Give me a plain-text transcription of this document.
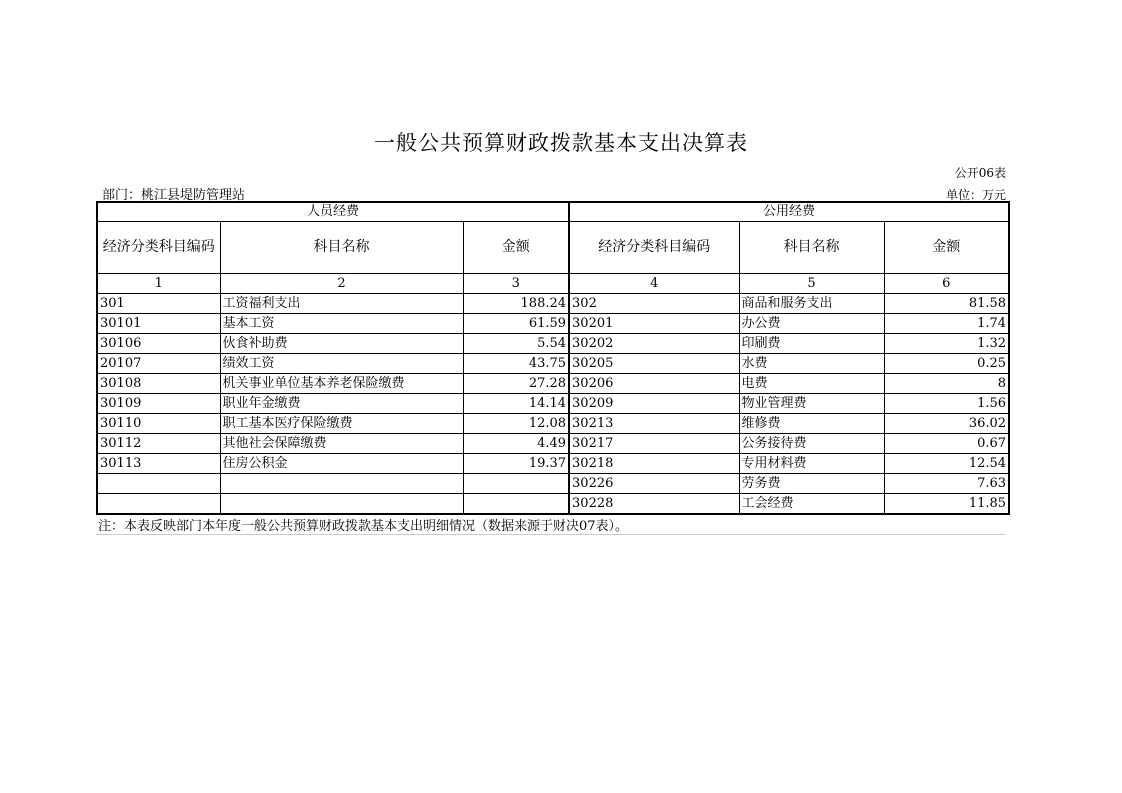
一般公共预算财政拨款基本支出决算表
公开06表
部门：桃江县堤防管理站	单位：万元
人员经费			公用经费		
经济分类科目编码	科目名称	金额	经济分类科目编码	科目名称	金额
1	2	3	4	5	6
301	工资福利支出	188.24	302	商品和服务支出	81.58
30101	基本工资	61.59	30201	办公费	1.74
30106	伙食补助费	5.54	30202	印刷费	1.32
20107	绩效工资	43.75	30205	水费	0.25
30108	机关事业单位基本养老保险缴费	27.28	30206	电费	8
30109	职业年金缴费	14.14	30209	物业管理费	1.56
30110	职工基本医疗保险缴费	12.08	30213	维修费	36.02
30112	其他社会保障缴费	4.49	30217	公务接待费	0.67
30113	住房公积金	19.37	30218	专用材料费	12.54
			30226	劳务费	7.63
			30228	工会经费	11.85
注：本表反映部门本年度一般公共预算财政拨款基本支出明细情况（数据来源于财决07表）。
